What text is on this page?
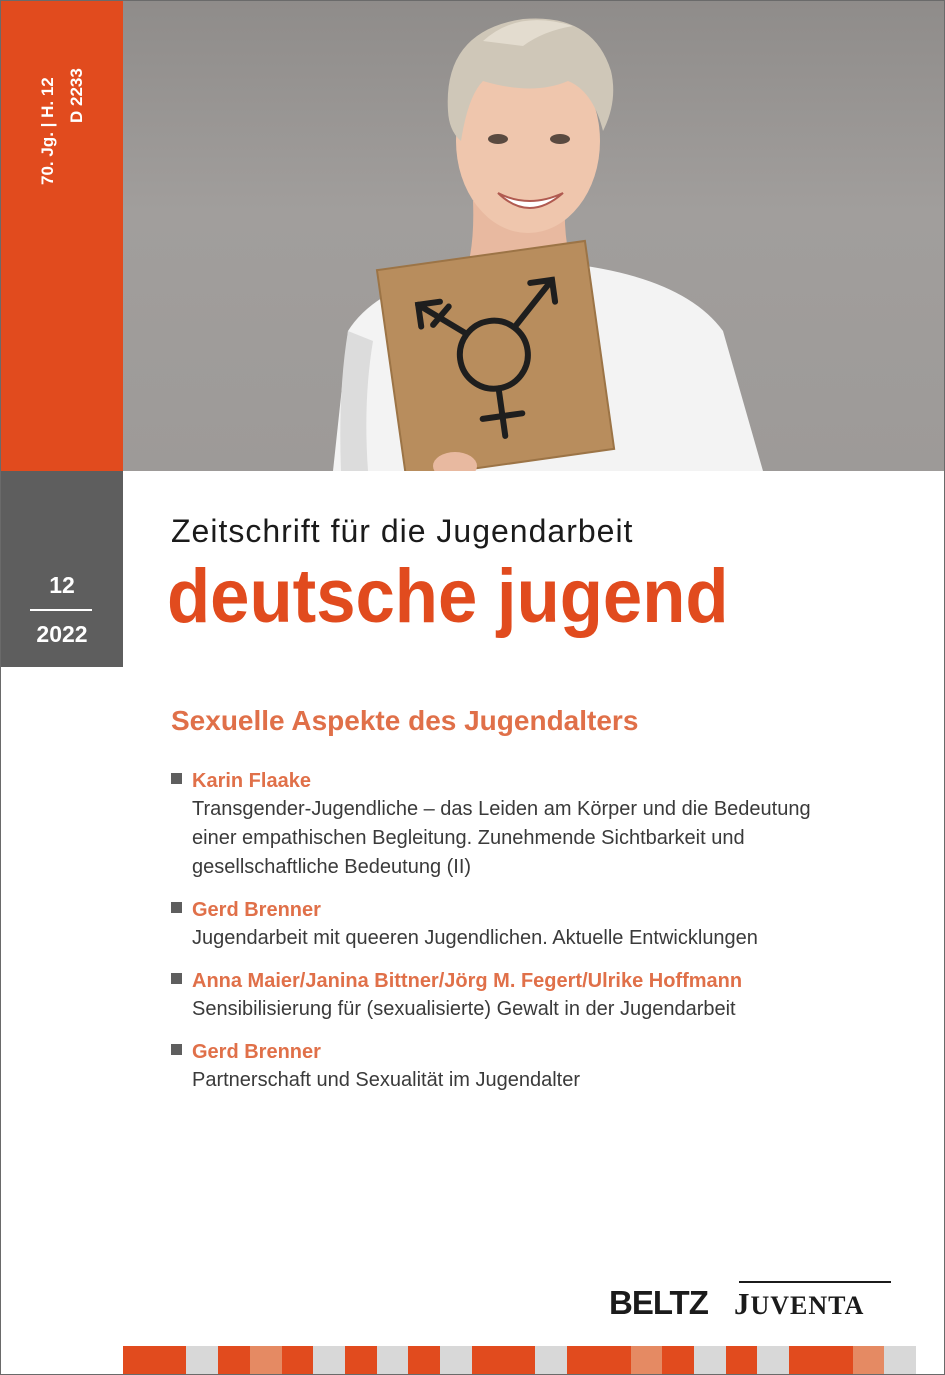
70. Jg. | H. 12 D 2233
12
2022
Zeitschrift für die Jugendarbeit
deutsche jugend
Sexuelle Aspekte des Jugendalters
Karin Flaake
Transgender-Jugendliche – das Leiden am Körper und die Bedeutung
einer empathischen Begleitung. Zunehmende Sichtbarkeit und
gesellschaftliche Bedeutung (II)
Gerd Brenner
Jugendarbeit mit queeren Jugendlichen. Aktuelle Entwicklungen
Anna Maier/Janina Bittner/Jörg M. Fegert/Ulrike Hoffmann
Sensibilisierung für (sexualisierte) Gewalt in der Jugendarbeit
Gerd Brenner
Partnerschaft und Sexualität im Jugendalter
BELTZ JUVENTA
